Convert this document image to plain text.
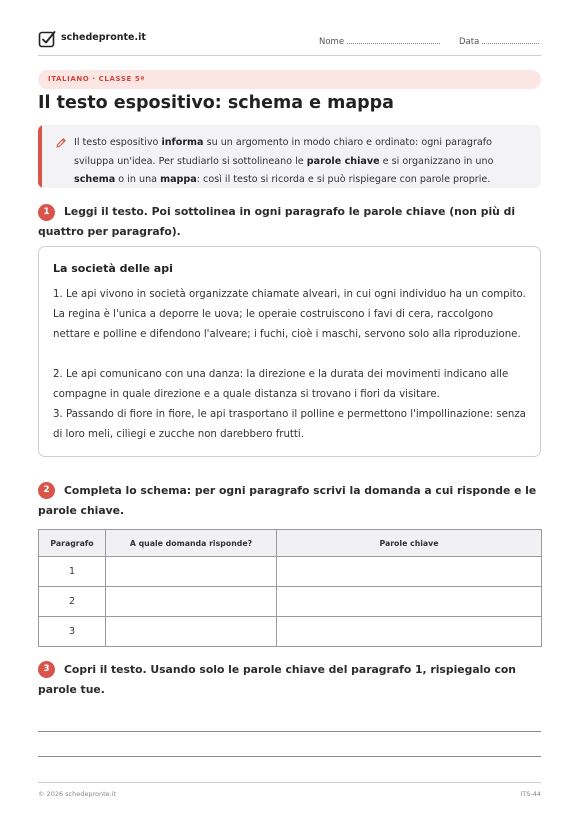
schedepronte.it	Nome	Data
ITALIANO · CLASSE 5ª
Il testo espositivo: schema e mappa
Il testo espositivo informa su un argomento in modo chiaro e ordinato: ogni paragrafo sviluppa un'idea. Per studiarlo si sottolineano le parole chiave e si organizzano in uno schema o in una mappa: così il testo si ricorda e si può rispiegare con parole proprie.
1	Leggi il testo. Poi sottolinea in ogni paragrafo le parole chiave (non più di quattro per paragrafo).
La società delle api
1. Le api vivono in società organizzate chiamate alveari, in cui ogni individuo ha un compito. La regina è l'unica a deporre le uova; le operaie costruiscono i favi di cera, raccolgono nettare e polline e difendono l'alveare; i fuchi, cioè i maschi, servono solo alla riproduzione.
2. Le api comunicano con una danza: la direzione e la durata dei movimenti indicano alle compagne in quale direzione e a quale distanza si trovano i fiori da visitare.
3. Passando di fiore in fiore, le api trasportano il polline e permettono l'impollinazione: senza di loro meli, ciliegi e zucche non darebbero frutti.
2	Completa lo schema: per ogni paragrafo scrivi la domanda a cui risponde e le parole chiave.
Paragrafo	A quale domanda risponde?	Parole chiave
1		
2		
3		
3	Copri il testo. Usando solo le parole chiave del paragrafo 1, rispiegalo con parole tue.
© 2026 schedepronte.it	ITS-44
